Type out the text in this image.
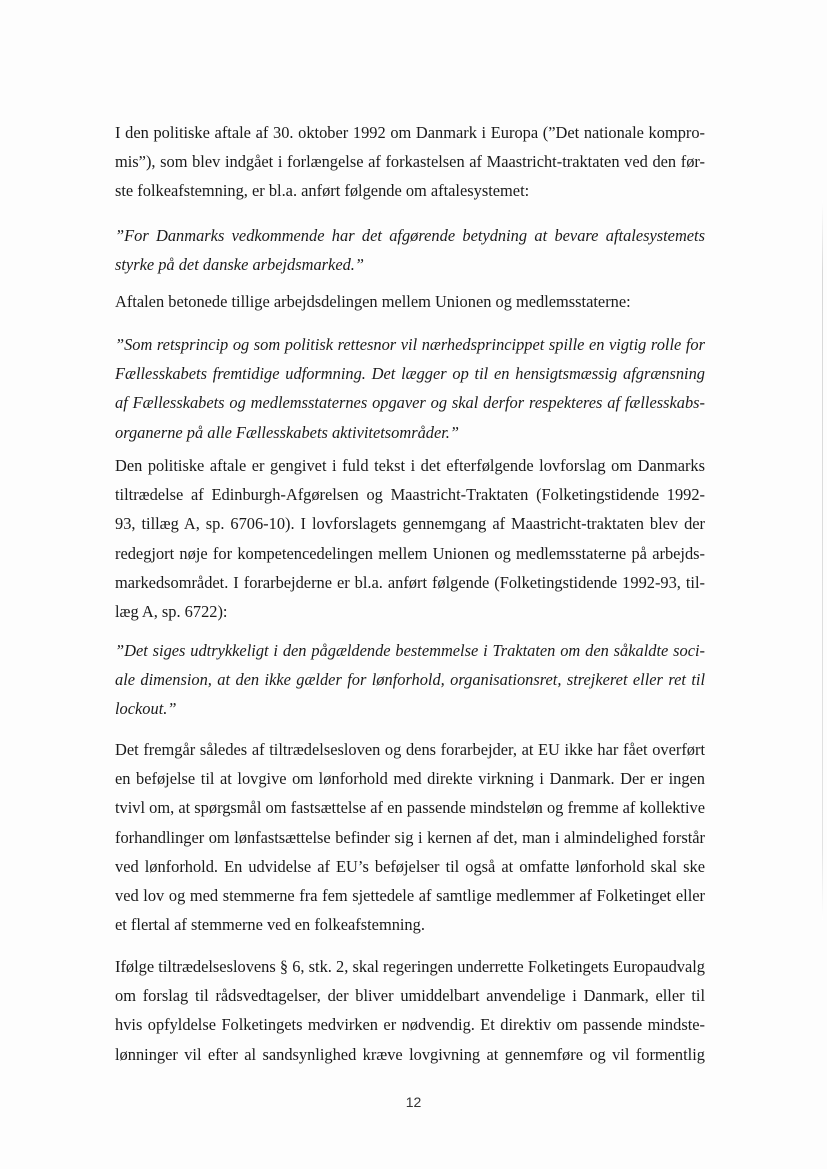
I den politiske aftale af 30. oktober 1992 om Danmark i Europa (”Det nationale kompro-
mis”), som blev indgået i forlængelse af forkastelsen af Maastricht-traktaten ved den før-
ste folkeafstemning, er bl.a. anført følgende om aftalesystemet:
”For Danmarks vedkommende har det afgørende betydning at bevare aftalesystemets
styrke på det danske arbejdsmarked.”
Aftalen betonede tillige arbejdsdelingen mellem Unionen og medlemsstaterne:
”Som retsprincip og som politisk rettesnor vil nærhedsprincippet spille en vigtig rolle for
Fællesskabets fremtidige udformning. Det lægger op til en hensigtsmæssig afgrænsning
af Fællesskabets og medlemsstaternes opgaver og skal derfor respekteres af fællesskabs-
organerne på alle Fællesskabets aktivitetsområder.”
Den politiske aftale er gengivet i fuld tekst i det efterfølgende lovforslag om Danmarks
tiltrædelse af Edinburgh-Afgørelsen og Maastricht-Traktaten (Folketingstidende 1992-
93, tillæg A, sp. 6706-10). I lovforslagets gennemgang af Maastricht-traktaten blev der
redegjort nøje for kompetencedelingen mellem Unionen og medlemsstaterne på arbejds-
markedsområdet. I forarbejderne er bl.a. anført følgende (Folketingstidende 1992-93, til-
læg A, sp. 6722):
”Det siges udtrykkeligt i den pågældende bestemmelse i Traktaten om den såkaldte soci-
ale dimension, at den ikke gælder for lønforhold, organisationsret, strejkeret eller ret til
lockout.”
Det fremgår således af tiltrædelsesloven og dens forarbejder, at EU ikke har fået overført
en beføjelse til at lovgive om lønforhold med direkte virkning i Danmark. Der er ingen
tvivl om, at spørgsmål om fastsættelse af en passende mindsteløn og fremme af kollektive
forhandlinger om lønfastsættelse befinder sig i kernen af det, man i almindelighed forstår
ved lønforhold. En udvidelse af EU’s beføjelser til også at omfatte lønforhold skal ske
ved lov og med stemmerne fra fem sjettedele af samtlige medlemmer af Folketinget eller
et flertal af stemmerne ved en folkeafstemning.
Ifølge tiltrædelseslovens § 6, stk. 2, skal regeringen underrette Folketingets Europaudvalg
om forslag til rådsvedtagelser, der bliver umiddelbart anvendelige i Danmark, eller til
hvis opfyldelse Folketingets medvirken er nødvendig. Et direktiv om passende mindste-
lønninger vil efter al sandsynlighed kræve lovgivning at gennemføre og vil formentlig
12
